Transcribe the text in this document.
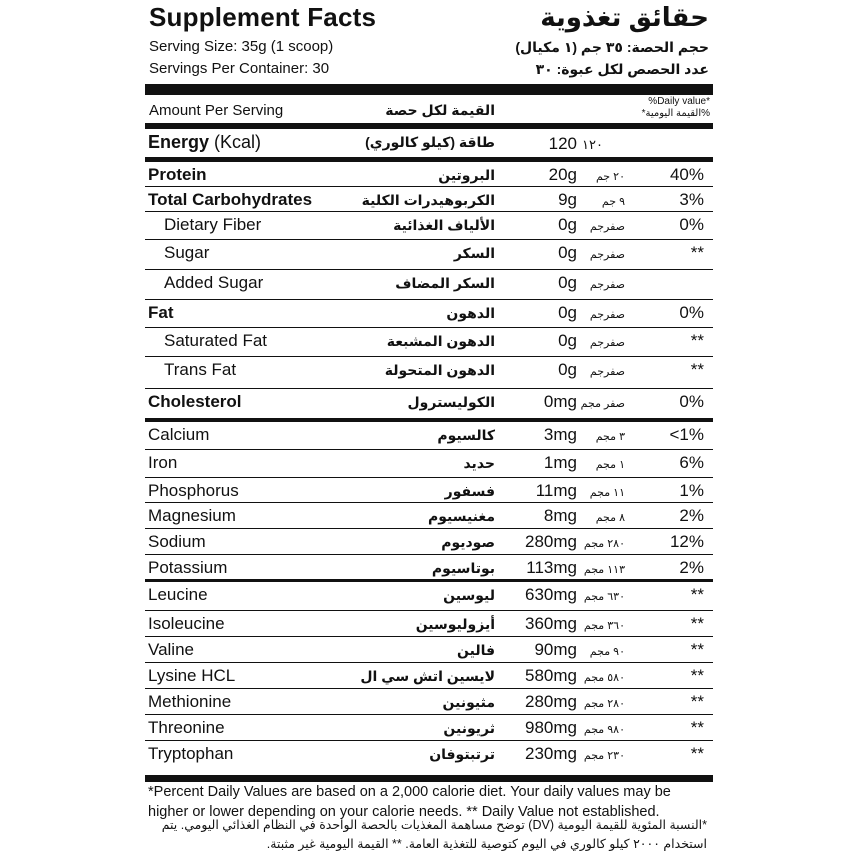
Supplement Facts	حقائق تغذوية
Serving Size: 35g (1 scoop)	حجم الحصة: ٣٥ جم (١ مكيال)
Servings Per Container: 30	عدد الحصص لكل عبوة: ٣٠
Amount Per Serving	القيمة لكل حصة
%Daily value*
%القيمة اليومية*
Energy (Kcal)	طاقة (كيلو كالوري)	120 ١٢٠
Protein	البروتين	20g ٢٠ جم	40%
Total Carbohydrates	الكربوهيدرات الكلية	9g ٩ جم	3%
Dietary Fiber	الألياف الغذائية	0g صفرجم	0%
Sugar	السكر	0g صفرجم	**
Added Sugar	السكر المضاف	0g صفرجم
Fat	الدهون	0g صفرجم	0%
Saturated Fat	الدهون المشبعة	0g صفرجم	**
Trans Fat	الدهون المتحولة	0g صفرجم	**
Cholesterol	الكوليسترول	0mg صفر مجم	0%
Calcium	كالسيوم	3mg ٣ مجم	<1%
Iron	حديد	1mg ١ مجم	6%
Phosphorus	فسفور 11mg ١١ مجم	1%
Magnesium	مغنيسيوم	8mg ٨ مجم	2%
Sodium	صوديوم 280mg ٢٨٠ مجم	12%
Potassium	بوتاسيوم 113mg ١١٣ مجم	2%
Leucine	ليوسين 630mg ٦٣٠ مجم	**
Isoleucine	أيزوليوسين 360mg ٣٦٠ مجم	**
Valine	فالين 90mg ٩٠ مجم	**
Lysine HCL	لايسين اتش سي ال 580mg ٥٨٠ مجم	**
Methionine	مثيونين 280mg ٢٨٠ مجم	**
Threonine	ثريونين 980mg ٩٨٠ مجم	**
Tryptophan	ترتبتوفان 230mg ٢٣٠ مجم	**
*Percent Daily Values are based on a 2,000 calorie diet. Your daily values may be higher or lower depending on your calorie needs. ** Daily Value not established.
*النسبة المئوية للقيمة اليومية (DV) توضح مساهمة المغذيات بالحصة الواحدة في النظام الغذائي اليومي. يتم استخدام ٢٠٠٠ كيلو كالوري في اليوم كتوصية للتغذية العامة. ** القيمة اليومية غير مثبتة.
